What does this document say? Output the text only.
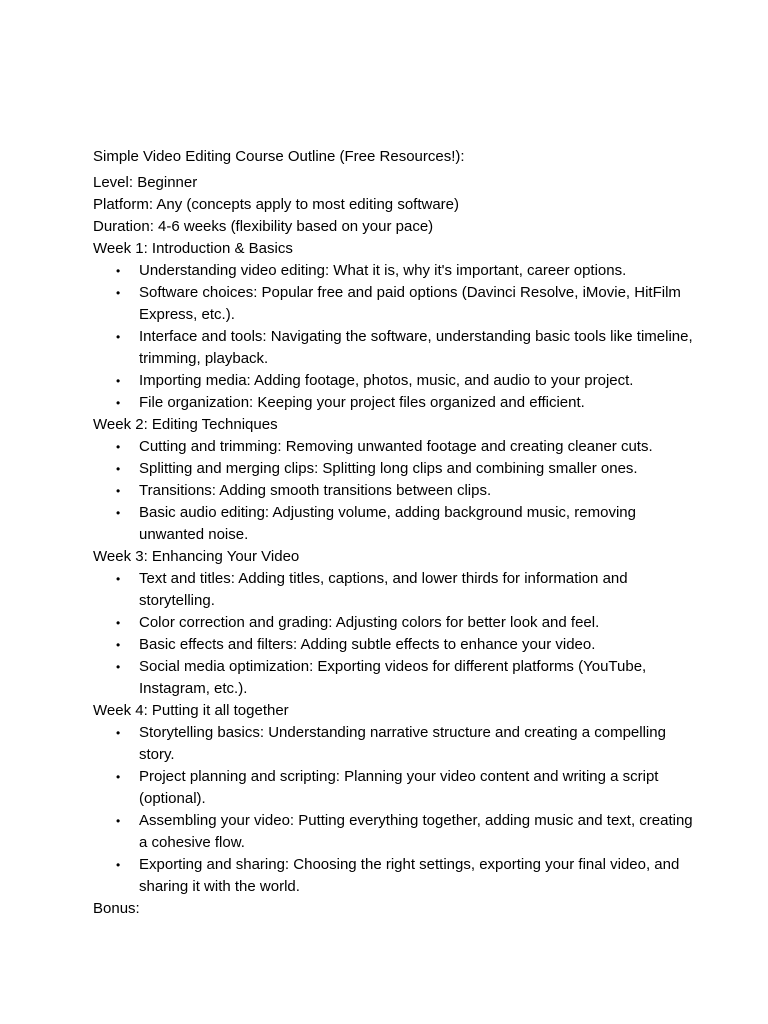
Simple Video Editing Course Outline (Free Resources!):

Level: Beginner

Platform: Any (concepts apply to most editing software)

Duration: 4-6 weeks (flexibility based on your pace)

Week 1: Introduction & Basics

• Understanding video editing: What it is, why it's important, career options.
• Software choices: Popular free and paid options (Davinci Resolve, iMovie, HitFilm Express, etc.).
• Interface and tools: Navigating the software, understanding basic tools like timeline, trimming, playback.
• Importing media: Adding footage, photos, music, and audio to your project.
• File organization: Keeping your project files organized and efficient.

Week 2: Editing Techniques

• Cutting and trimming: Removing unwanted footage and creating cleaner cuts.
• Splitting and merging clips: Splitting long clips and combining smaller ones.
• Transitions: Adding smooth transitions between clips.
• Basic audio editing: Adjusting volume, adding background music, removing unwanted noise.

Week 3: Enhancing Your Video

• Text and titles: Adding titles, captions, and lower thirds for information and storytelling.
• Color correction and grading: Adjusting colors for better look and feel.
• Basic effects and filters: Adding subtle effects to enhance your video.
• Social media optimization: Exporting videos for different platforms (YouTube, Instagram, etc.).

Week 4: Putting it all together

• Storytelling basics: Understanding narrative structure and creating a compelling story.
• Project planning and scripting: Planning your video content and writing a script (optional).
• Assembling your video: Putting everything together, adding music and text, creating a cohesive flow.
• Exporting and sharing: Choosing the right settings, exporting your final video, and sharing it with the world.

Bonus:
